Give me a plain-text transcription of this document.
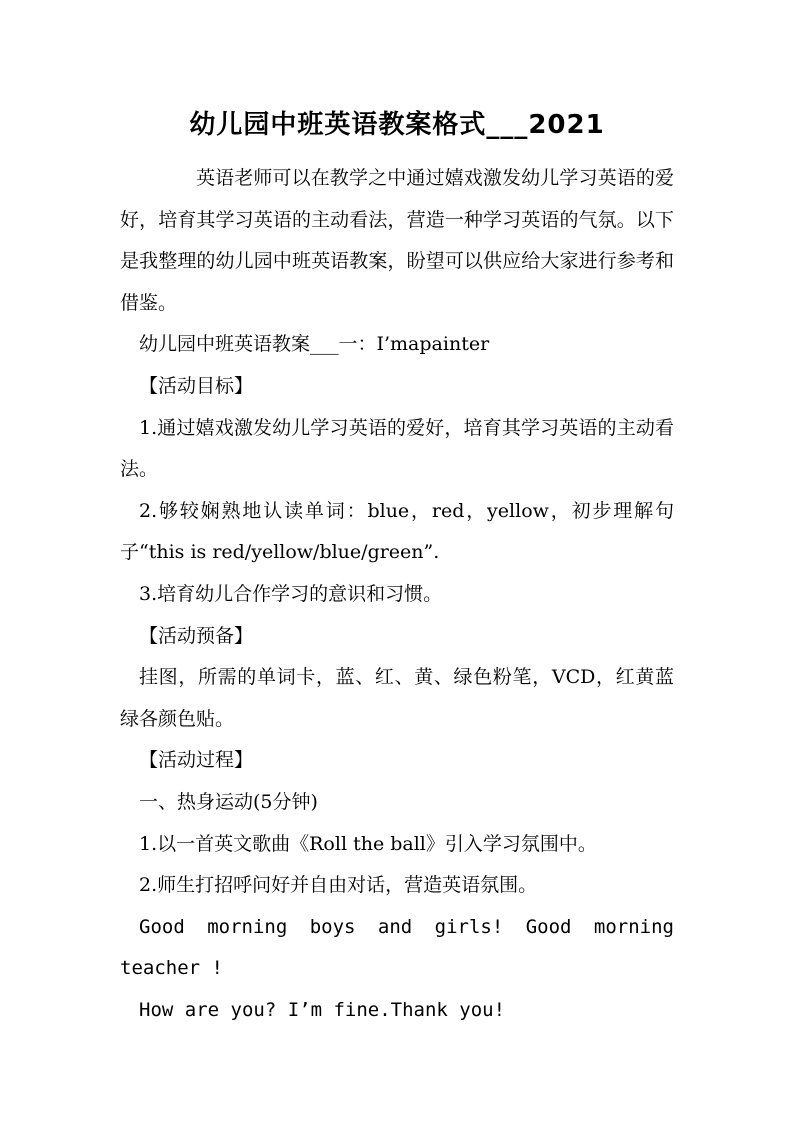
幼儿园中班英语教案格式___2021

英语老师可以在教学之中通过嬉戏激发幼儿学习英语的爱好，培育其学习英语的主动看法，营造一种学习英语的气氛。以下是我整理的幼儿园中班英语教案，盼望可以供应给大家进行参考和借鉴。

幼儿园中班英语教案___一：I’mapainter

【活动目标】

1.通过嬉戏激发幼儿学习英语的爱好，培育其学习英语的主动看法。

2.够较娴熟地认读单词：blue，red，yellow，初步理解句子“this is red/yellow/blue/green”.

3.培育幼儿合作学习的意识和习惯。

【活动预备】

挂图，所需的单词卡，蓝、红、黄、绿色粉笔，VCD，红黄蓝绿各颜色贴。

【活动过程】

一、热身运动(5分钟)

1.以一首英文歌曲《Roll the ball》引入学习氛围中。

2.师生打招呼问好并自由对话，营造英语氛围。

Good morning boys and girls! Good morning

teacher !

How are you? I’m fine.Thank you!
